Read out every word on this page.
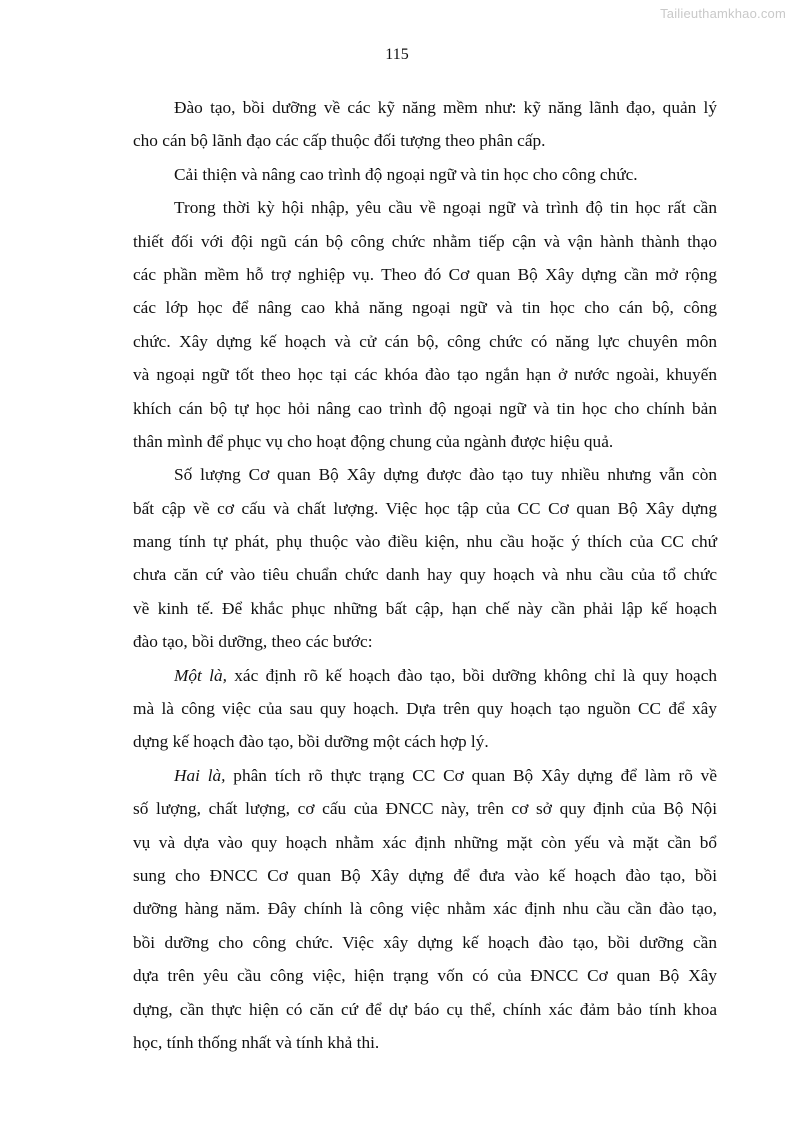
Tailieuthamkhao.com
115
Đào tạo, bồi dưỡng về các kỹ năng mềm như: kỹ năng lãnh đạo, quản lý
cho cán bộ lãnh đạo các cấp thuộc đối tượng theo phân cấp.
Cải thiện và nâng cao trình độ ngoại ngữ và tin học cho công chức.
Trong thời kỳ hội nhập, yêu cầu về ngoại ngữ và trình độ tin học rất cần
thiết đối với đội ngũ cán bộ công chức nhằm tiếp cận và vận hành thành thạo
các phần mềm hỗ trợ nghiệp vụ. Theo đó Cơ quan Bộ Xây dựng cần mở rộng
các lớp học để nâng cao khả năng ngoại ngữ và tin học cho cán bộ, công
chức. Xây dựng kế hoạch và cử cán bộ, công chức có năng lực chuyên môn
và ngoại ngữ tốt theo học tại các khóa đào tạo ngắn hạn ở nước ngoài, khuyến
khích cán bộ tự học hỏi nâng cao trình độ ngoại ngữ và tin học cho chính bản
thân mình để phục vụ cho hoạt động chung của ngành được hiệu quả.
Số lượng Cơ quan Bộ Xây dựng được đào tạo tuy nhiều nhưng vẫn còn
bất cập về cơ cấu và chất lượng. Việc học tập của CC Cơ quan Bộ Xây dựng
mang tính tự phát, phụ thuộc vào điều kiện, nhu cầu hoặc ý thích của CC chứ
chưa căn cứ vào tiêu chuẩn chức danh hay quy hoạch và nhu cầu của tổ chức
về kinh tế. Để khắc phục những bất cập, hạn chế này cần phải lập kế hoạch
đào tạo, bồi dưỡng, theo các bước:
Một là, xác định rõ kế hoạch đào tạo, bồi dưỡng không chỉ là quy hoạch
mà là công việc của sau quy hoạch. Dựa trên quy hoạch tạo nguồn CC để xây
dựng kế hoạch đào tạo, bồi dưỡng một cách hợp lý.
Hai là, phân tích rõ thực trạng CC Cơ quan Bộ Xây dựng để làm rõ về
số lượng, chất lượng, cơ cấu của ĐNCC này, trên cơ sở quy định của Bộ Nội
vụ và dựa vào quy hoạch nhằm xác định những mặt còn yếu và mặt cần bổ
sung cho ĐNCC Cơ quan Bộ Xây dựng để đưa vào kế hoạch đào tạo, bồi
dưỡng hàng năm. Đây chính là công việc nhằm xác định nhu cầu cần đào tạo,
bồi dưỡng cho công chức. Việc xây dựng kế hoạch đào tạo, bồi dưỡng cần
dựa trên yêu cầu công việc, hiện trạng vốn có của ĐNCC Cơ quan Bộ Xây
dựng, cần thực hiện có căn cứ để dự báo cụ thể, chính xác đảm bảo tính khoa
học, tính thống nhất và tính khả thi.
